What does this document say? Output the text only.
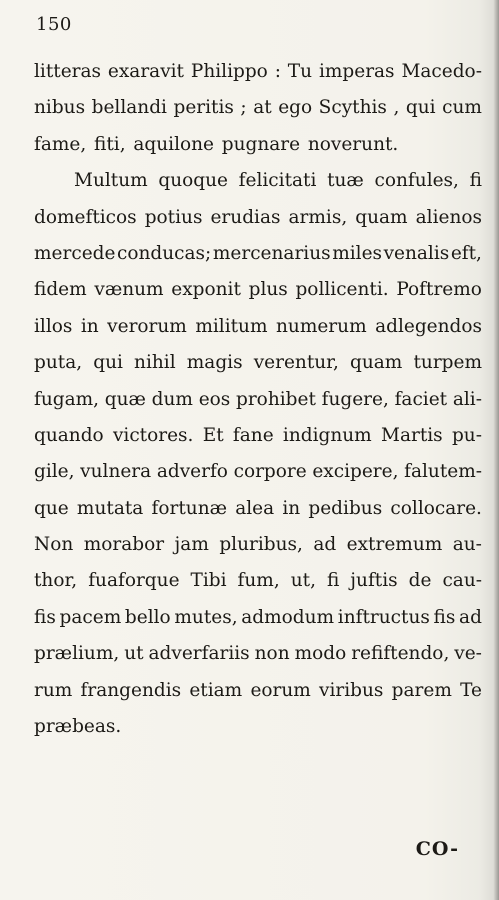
150
litteras exaravit Philippo : Tu imperas Macedo-
nibus bellandi peritis ; at ego Scythis , qui cum
fame, fiti, aquilone pugnare noverunt.
Multum quoque felicitati tuæ confules, fi
domefticos potius erudias armis, quam alienos
mercede conducas; mercenarius miles venalis eft,
fidem vænum exponit plus pollicenti. Poftremo
illos in verorum militum numerum adlegendos
puta, qui nihil magis verentur, quam turpem
fugam, quæ dum eos prohibet fugere, faciet ali-
quando victores. Et fane indignum Martis pu-
gile, vulnera adverfo corpore excipere, falutem-
que mutata fortunæ alea in pedibus collocare.
Non morabor jam pluribus, ad extremum au-
thor, fuaforque Tibi fum, ut, fi juftis de cau-
fis pacem bello mutes, admodum inftructus fis ad
prælium, ut adverfariis non modo refiftendo, ve-
rum frangendis etiam eorum viribus parem Te
præbeas.
CO-
